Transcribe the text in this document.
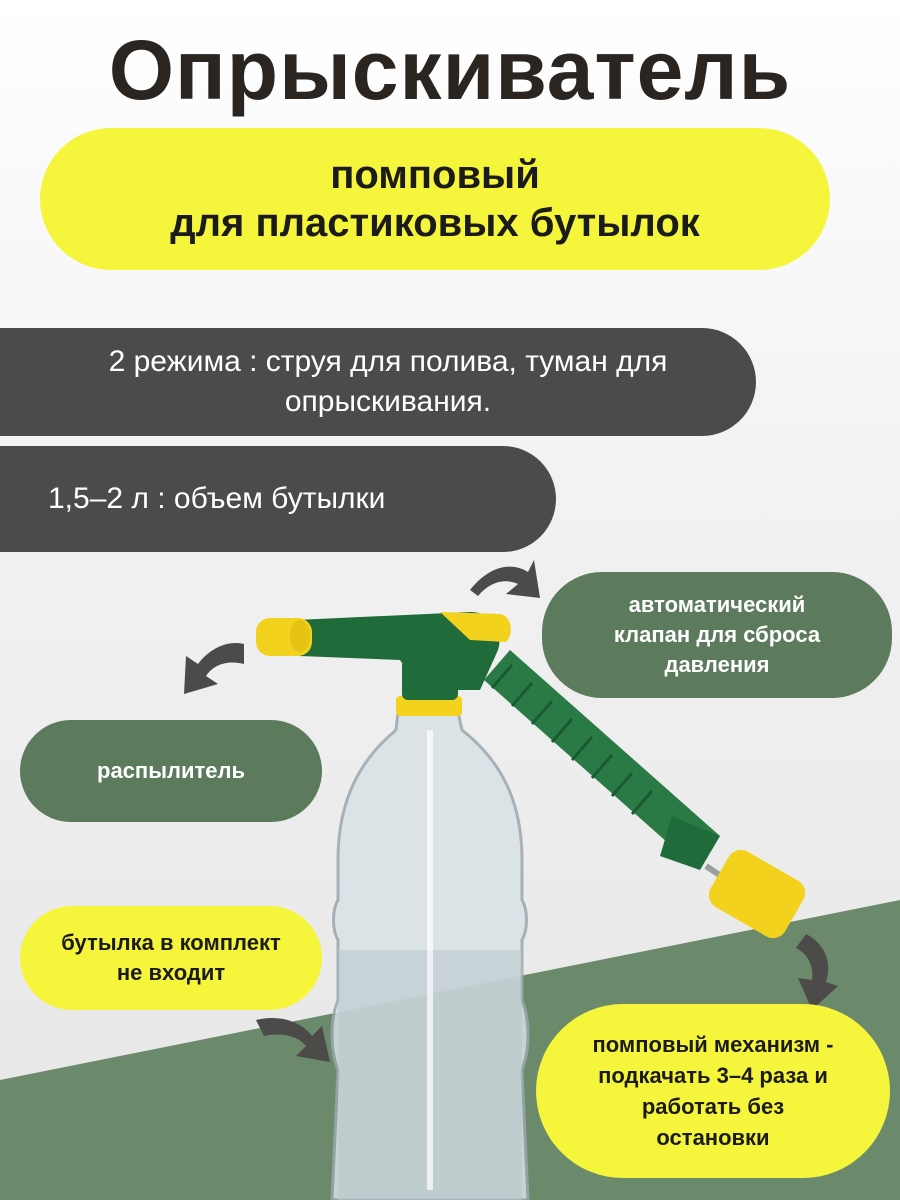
Опрыскиватель
помповый
для пластиковых бутылок
2 режима : струя для полива, туман для
опрыскивания.
1,5–2 л : объем бутылки
автоматический
клапан для сброса
давления
распылитель
бутылка в комплект
не входит
помповый механизм -
подкачать 3–4 раза и
работать без
остановки
